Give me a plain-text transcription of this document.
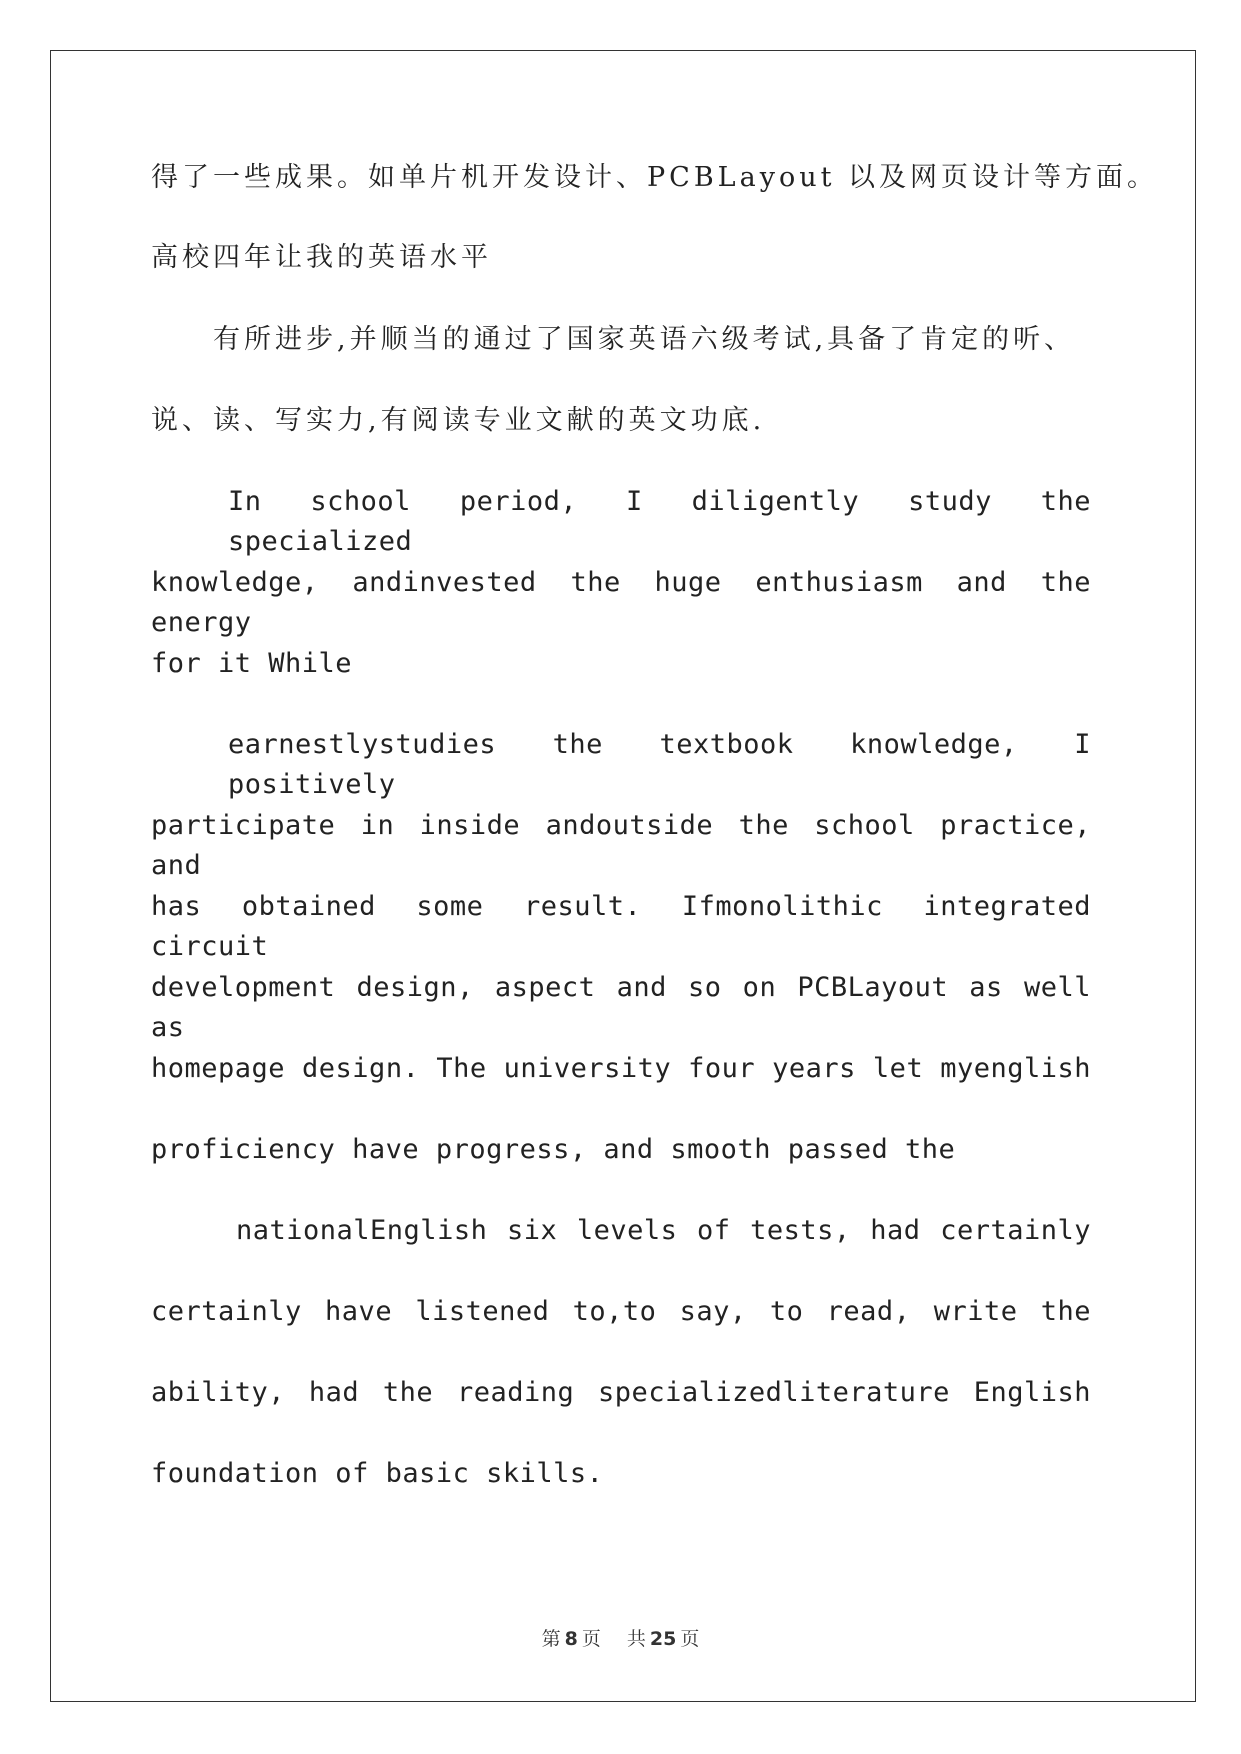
得了一些成果。如单片机开发设计、PCBLayout 以及网页设计等方面。
高校四年让我的英语水平
有所进步,并顺当的通过了国家英语六级考试,具备了肯定的听、
说、读、写实力,有阅读专业文献的英文功底.
In school period, I diligently study the specialized
knowledge, andinvested the huge enthusiasm and the energy
for it While
earnestlystudies the textbook knowledge, I positively
participate in inside andoutside the school practice, and
has obtained some result. Ifmonolithic integrated circuit
development design, aspect and so on PCBLayout as well as
homepage design. The university four years let myenglish
proficiency have progress, and smooth passed the
nationalEnglish six levels of tests, had certainly
certainly have listened to,to say, to read, write the
ability, had the reading specializedliterature English
foundation of basic skills.
第 8 页 共 25 页
